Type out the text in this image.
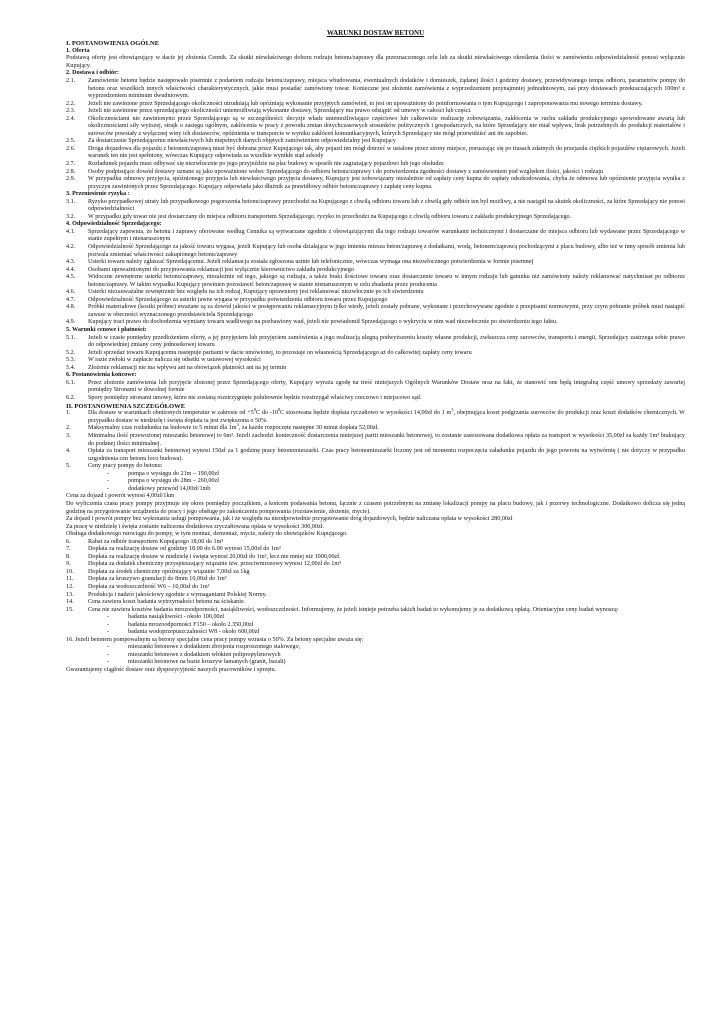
WARUNKI DOSTAW BETONU
I. POSTANOWIENIA OGÓLNE
1. Oferta
Podstawą oferty jest obowiązujący w dacie jej złożenia Cennik. Za skutki niewłaściwego doboru rodzaju betonu/zaprawy dla przeznaczonego celu lub za skutki niewłaściwego określenia ilości w zamówieniu odpowiedzialność ponosi wyłącznie Kupujący.
2. Dostawa i odbiór:
2.1.	Zamówienie betonu będzie następowało pisemnie z podaniem rodzaju betonu/zaprawy, miejsca wbudowania, ewentualnych dodatków i domieszek, żądanej ilości i godziny dostawy, przewidywanego tempa odbioru, parametrów pompy do betonu oraz wszelkich innych właściwości charakterystycznych, jakie musi posiadać zamówiony towar. Konieczne jest złożenie zamówienia z wyprzedzeniem przynajmniej jednodniowym, zaś przy dostawach przekraczających 100m³ z wyprzedzeniem minimum dwudniowym.
2.2.	Jeżeli nie zawinione przez Sprzedającego okoliczności utrudniają lub opóźniają wykonanie przyjętych zamówień, to jest on upoważniony do poinformowania o tym Kupującego i zaproponowania mu nowego terminu dostawy.
2.3.	Jeżeli nie zawinione przez sprzedającego okoliczności uniemożliwiają wykonanie dostawy, Sprzedający ma prawo odstąpić od umowy w całości lub części.
2.4.	Okolicznościami nie zawinionymi przez Sprzedającego są w szczególności: decyzje władz uniemożliwiające częściowo lub całkowicie realizację zobowiązania, zakłócenia w ruchu zakładu produkcyjnego spowodowane awarią lub okolicznościami siły wyższej, strajk o zasięgu ogólnym, zakłócenia w pracy z powodu zmian dotychczasowych stosunków politycznych i gospodarczych, na które Sprzedający nie miał wpływu, brak potrzebnych do produkcji materiałów i surowców powstały z wyłącznej winy ich dostawców, opóźnienia w transporcie w wyniku zakłóceń komunikacyjnych, których Sprzedający nie mógł przewidzieć ani im zapobiec.
2.5.	Za dostarczenie Sprzedającemu niewłaściwych lub niepełnych danych objętych zamówieniem odpowiedzialny jest Kupujący
2.6.	Droga dojazdowa dla pojazdu z betonem/zaprawą musi być dobrana przez Kupującego tak, aby pojazd ten mógł dotrzeć w ustalone przez strony miejsce, poruszając się po trasach zdatnych do przejazdu ciężkich pojazdów ciężarowych. Jeżeli warunek ten nie jest spełniony, wówczas Kupujący odpowiada za wszelkie wynikłe stąd szkody
2.7.	Rozładunek pojazdu musi odbywać się niezwłocznie po jego przyjeździe na plac budowy w sposób nie zagrażający pojazdowi lub jego obsłudze
2.8.	Osoby podpisujące dowód dostawy uznane są jako upoważnione wobec Sprzedającego do odbioru betonu/zaprawy i do potwierdzenia zgodności dostawy z zamówieniem pod względem ilości, jakości i rodzaju
2.9.	W przypadku odmowy przyjęcia, spóźnionego przyjęcia lub niewłaściwego przyjęcia dostawy, Kupujący jest zobowiązany niezależnie od zapłaty ceny kupna do zapłaty odszkodowania, chyba że odmowa lub opóźnienie przyjęcia wynika z przyczyn zawinionych przez Sprzedającego. Kupujący odpowiada jako dłużnik za prawidłowy odbiór betonu/zaprawy i zapłatę ceny kupna.
3. Przeniesienie ryzyka :
3.1.	Ryzyko przypadkowej utraty lub przypadkowego pogorszenia betonu/zaprawy przechodzi na Kupującego z chwilą odbioru towaru lub z chwilą gdy odbiór ten był możliwy, a nie nastąpił na skutek okoliczności, za które Sprzedający nie ponosi odpowiedzialności
3.2.	W przypadku gdy towar nie jest dostarczany do miejsca odbioru transportem Sprzedającego, ryzyko to przechodzi na Kupującego z chwilą odbioru towaru z zakładu produkcyjnego Sprzedającego.
4. Odpowiedzialność Sprzedającego:
4.1.	Sprzedający zapewnia, że betonu i zaprawy oferowane według Cennika są wytwarzane zgodnie z obowiązującymi dla tego rodzaju towarów warunkami technicznymi i dostarczane do miejsca odbioru lub wydawane przez Sprzedającego w stanie zupełnym i nienaruszonym
4.2.	Odpowiedzialność Sprzedającego za jakość towaru wygasa, jeżeli Kupujący lub osoba działająca w jego imieniu miesza beton/zaprawę z dodatkami, wodą, betonem/zaprawą pochodzącymi z placu budowy, albo też w inny sposób zmienia lub pozwala zmieniać właściwości zakupionego betonu/zaprawy
4.3.	Usterki towaru należy zgłaszać Sprzedającemu. Jeżeli reklamacja została zgłoszona ustnie lub telefonicznie, wówczas wymaga ona niezwłocznego potwierdzenia w formie pisemnej
4.4.	Osobami upoważnionymi do przyjmowania reklamacji jest wyłącznie kierownictwo zakładu produkcyjnego
4.5.	Widoczne zewnętrzne usterki betonu/zaprawy, niezależnie od tego, jakiego są rodzaju, a także braki ilościowe towaru oraz dostarczenie towaru w innym rodzaju lub gatunku niż zamówiony należy reklamować natychmiast po odbiorze betonu/zaprawy. W takim wypadku Kupujący powinien pozostawić beton/zaprawę w stanie nienaruszonym w celu zbadania przez producenta
4.6.	Usterki niezauważalne zewnętrznie bez względu na ich rodzaj, Kupujący uprawniony jest reklamować niezwłocznie po ich stwierdzeniu
4.7.	Odpowiedzialność Sprzedającego za usterki jawne wygasa w przypadku potwierdzenia odbioru towaru przez Kupującego
4.8.	Próbki materiałowe (kostki próbne) uważane są za dowód jakości w postępowaniu reklamacyjnym tylko wtedy, jeżeli zostały pobrane, wykonane i przechowywane zgodnie z przepisami normowymi, przy czym pobranie próbek musi nastąpić zawsze w obecności wyznaczonego przedstawiciela Sprzedającego
4.9.	Kupujący traci prawo do dochodzenia wymiany towaru wadliwego na pozbawiony wad, jeżeli nie powiadomił Sprzedającego o wykryciu w nim wad niezwłocznie po stwierdzeniu tego faktu.
5. Warunki cenowe i płatności:
5.1.	Jeżeli w czasie pomiędzy przedłożeniem oferty, a jej przyjęciem lub przyjęciem zamówienia a jego realizacją ulegną podwyższeniu koszty własne produkcji, zwłaszcza ceny surowców, transportu i energii, Sprzedający zastrzega sobie prawo do odpowiedniej zmiany ceny jednostkowej towaru
5.2.	Jeżeli sprzedaż towaru Kupującemu następuje partiami w dacie umówionej, to pozostaje on własnością Sprzedającego aż do całkowitej zapłaty ceny towaru
5.3.	W razie zwłoki w zapłacie nalicza się odsetki w ustawowej wysokości
5.4.	Złożenie reklamacji nie ma wpływu ani na obowiązek płatności ani na jej termin
6. Postanowienia końcowe:
6.1.	Przez złożenie zamówienia lub przyjęcie złożonej przez Sprzedającego oferty, Kupujący wyraża zgodę na treść niniejszych Ogólnych Warunków Dostaw oraz na fakt, że stanowić one będą integralną część umowy sprzedaży zawartej pomiędzy Stronami w dowolnej formie
6.2.	Spory pomiędzy stronami umowy, które nie zostaną rozstrzygnięte polubownie będzie rozstrzygał właściwy rzeczowo i miejscowo sąd.
II. POSTANOWIENIA SZCZEGÓŁOWE
1.	Dla dostaw w warunkach obniżonych temperatur w zakresie od $+5^0C$ do $-10^0C$ stosowana będzie dopłata ryczałtowo w wysokości 14,00zł do 1 $m^3$, obejmująca koszt podgrzania surowców do produkcji oraz koszt dodatków chemicznych. W przypadku dostaw w niedzielę i święta dopłata ta jest zwiększona o 50%.
2.	Maksymalny czas rozładunku na budowie to 5 minut dla $1m^3$, za każde rozpoczęte następne 30 minut dopłata 52,00zł.
3.	Minimalna ilość przewożonej mieszanki betonowej to 6m³. Jeżeli zachodzi konieczność dostarczenia mniejszej partii mieszanki betonowej, to zostanie zastosowana dodatkowa opłata za transport w wysokości 35,00zł za każdy 1m³ brakujący do podanej ilości minimalnej.
4.	Opłata za transport mieszanki betonowej wynosi 150zł za 1 godzinę pracy betonomieszarki. Czas pracy betonomieszarki liczony jest od momentu rozpoczęcia załadunku pojazdu do jego powrotu na wytwórnię ( nie dotyczy w przypadku uzgodnienia cen betonu loco budowa).
5.	Ceny pracy pompy do betonu:
-	pompa o wysięgu do 21m – 190,00zł
-	pompa o wysięgu do 28m – 260,00zł
-	dodatkowy przewód 14,00zł/1mb
Cena za dojazd i powrót wynosi 4,00zł/1km
Do wyliczenia czasu pracy pompy przyjmuje się okres pomiędzy początkiem, a końcem podawania betonu, łącznie z czasem potrzebnym na zmianę lokalizacji pompy na placu budowy, jak i przerwy technologiczne. Dodatkowo dolicza się jedną godzinę na przygotowanie urządzenia do pracy i jego obsługę po zakończeniu pompowania (rozstawienie, złożenie, mycie).
Za dojazd i powrót pompy bez wykonania usługi pompowania, jak i ze względu na nieodpowiednie przygotowanie dróg dojazdowych, będzie naliczana opłata w wysokości 280,00zł
Za pracę w niedzielę i święta zostanie naliczona dodatkowa zryczałtowana opłata w wysokości 300,00zł.
Obsługa dodatkowego rurociągu do pompy, w tym montaż, demontaż, mycie, należy do obowiązków Kupującego.
6.	Rabat za odbiór transportem Kupującego 18,00 do 1m³
7.	Dopłata za realizację dostaw od godziny 18.00 do 6.00 wynosi 15,00zł do 1m³
8.	Dopłata za realizację dostaw w niedzielę i święta wynosi 20,00zł do 1m³, lecz nie mniej niż 1000,00zł.
9.	Dopłata za dodatek chemiczny przyspieszający wiązanie tzw. przeciwmrozowy wynosi 12,00zł do 1m³
10.	Dopłata za środek chemiczny opóźniający wiązanie 7,00zł za 1kg
11.	Dopłata za kruszywo granulacji do 8mm 10,00zł do 1m³
12.	Dopłata za wodoszczelność W6 – 10,00zł do 1m³
13.	Produkcja i nadzór jakościowy zgodnie z wymaganiami Polskiej Normy.
14.	Cena zawiera koszt badania wytrzymałości betonu na ściskanie.
15.	Cena nie zawiera kosztów badania mrozoodporności, nasiąkliwości, wodoszczelności. Informujemy, że jeżeli istnieje potrzeba takich badań to wykonujemy je za dodatkową opłatą. Orientacyjne ceny badań wynoszą:
-	badania nasiąkliwości - około 100,00zł
-	badania mrozoodporności F150 – około 2.350,00zł
-	badania wodoprzepuszczalności W8 - około 600,00zł
16. Jeżeli betonem pompowalnym są betony specjalne cena pracy pompy wzrasta o 50%. Za betony specjalne uważa się:
-	mieszanki betonowe z dodatkiem zbrojenia rozproszonego stalowego,
-	mieszanki betonowe z dodatkiem włókien polipropylenowych
-	mieszanki betonowe na bazie kruszyw łamanych (granit, bazalt)
Gwarantujemy ciągłość dostaw oraz dyspozycyjność naszych pracowników i sprzętu.
